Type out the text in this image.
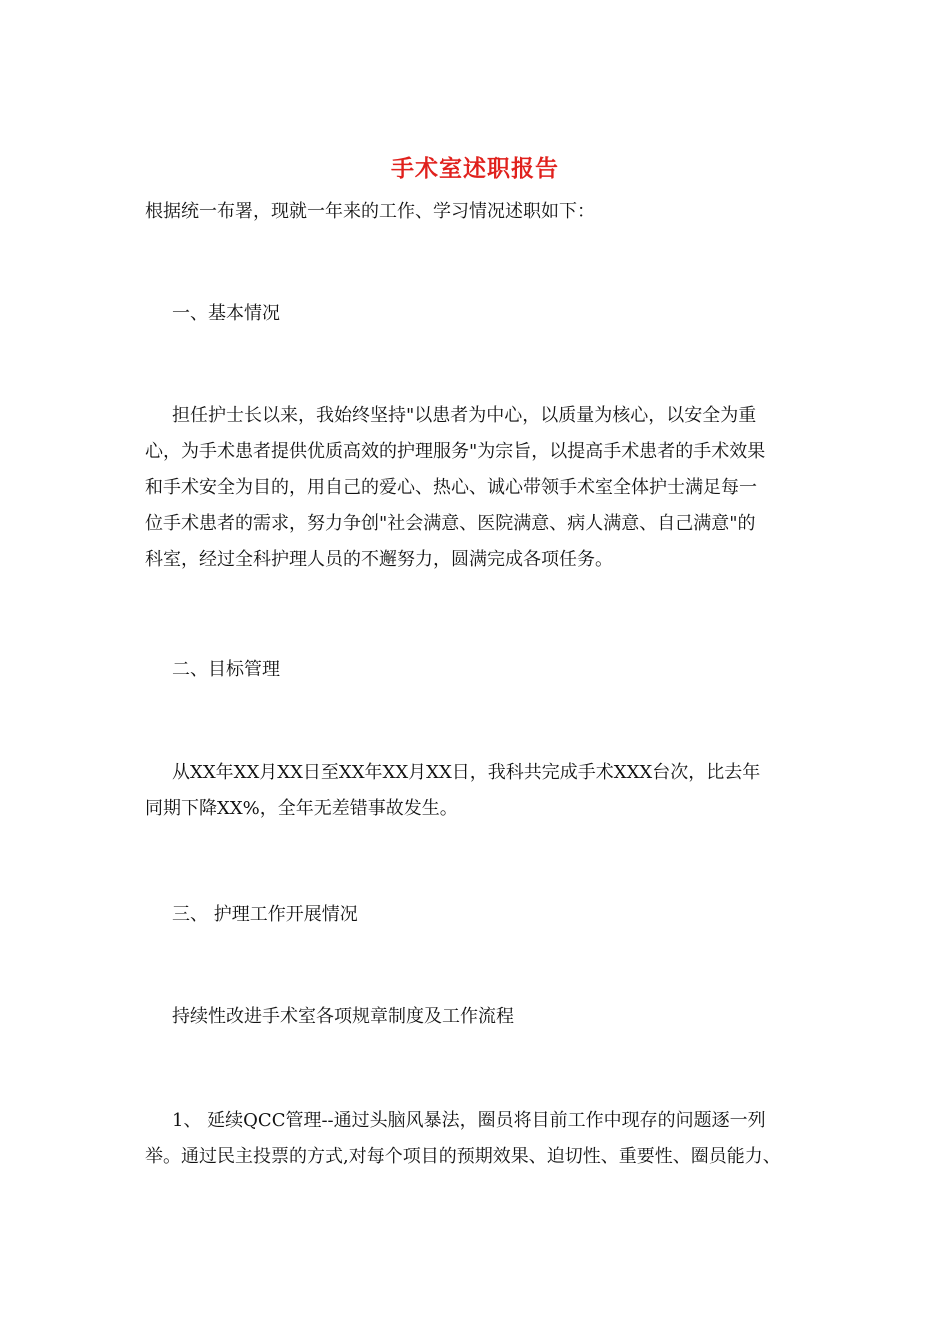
手术室述职报告
根据统一布署，现就一年来的工作、学习情况述职如下：
一、基本情况
担任护士长以来，我始终坚持"以患者为中心，以质量为核心，以安全为重
心，为手术患者提供优质高效的护理服务"为宗旨，以提高手术患者的手术效果
和手术安全为目的，用自己的爱心、热心、诚心带领手术室全体护士满足每一
位手术患者的需求，努力争创"社会满意、医院满意、病人满意、自己满意"的
科室，经过全科护理人员的不邂努力，圆满完成各项任务。
二、目标管理
从XX年XX月XX日至XX年XX月XX日，我科共完成手术XXX台次，比去年
同期下降XX%，全年无差错事故发生。
三、 护理工作开展情况
持续性改进手术室各项规章制度及工作流程
1、 延续QCC管理--通过头脑风暴法，圈员将目前工作中现存的问题逐一列
举。通过民主投票的方式,对每个项目的预期效果、迫切性、重要性、圈员能力、
